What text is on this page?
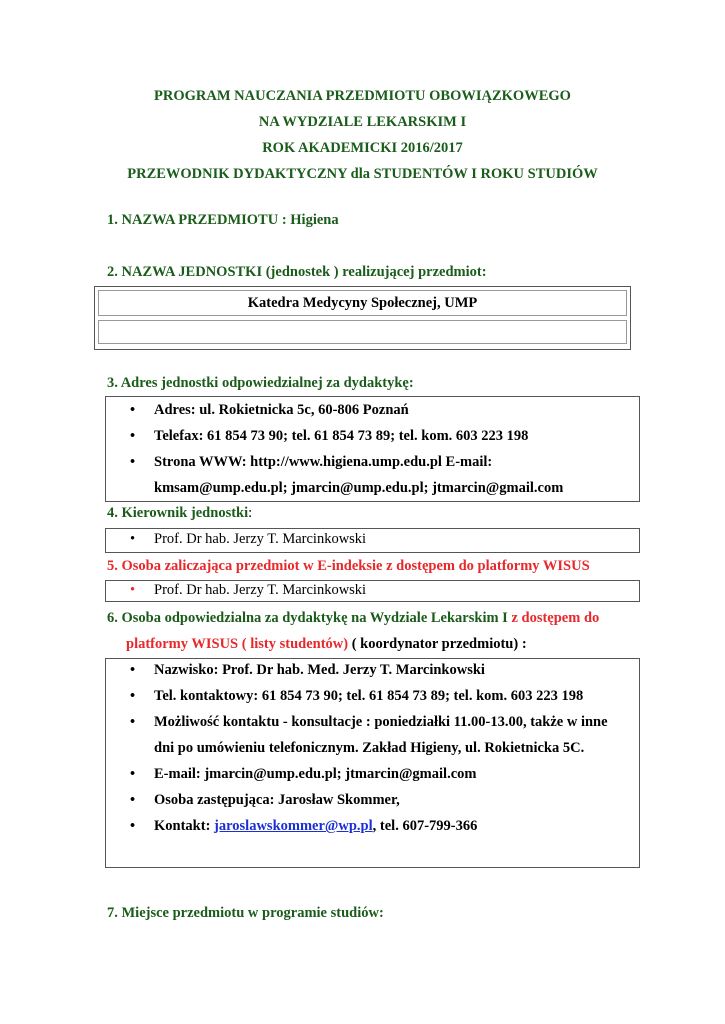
PROGRAM NAUCZANIA PRZEDMIOTU OBOWIĄZKOWEGO
NA WYDZIALE LEKARSKIM I
ROK AKADEMICKI 2016/2017
PRZEWODNIK DYDAKTYCZNY dla STUDENTÓW I ROKU STUDIÓW
1. NAZWA PRZEDMIOTU : Higiena
2. NAZWA JEDNOSTKI (jednostek ) realizującej przedmiot:
Katedra Medycyny Społecznej, UMP
3. Adres jednostki odpowiedzialnej za dydaktykę:
• Adres: ul. Rokietnicka 5c, 60-806 Poznań
• Telefax: 61 854 73 90; tel. 61 854 73 89; tel. kom. 603 223 198
• Strona WWW: http://www.higiena.ump.edu.pl E-mail:
kmsam@ump.edu.pl; jmarcin@ump.edu.pl; jtmarcin@gmail.com
4. Kierownik jednostki:
• Prof. Dr hab. Jerzy T. Marcinkowski
5. Osoba zaliczająca przedmiot w E-indeksie z dostępem do platformy WISUS
• Prof. Dr hab. Jerzy T. Marcinkowski
6. Osoba odpowiedzialna za dydaktykę na Wydziale Lekarskim I z dostępem do
platformy WISUS ( listy studentów) ( koordynator przedmiotu) :
• Nazwisko: Prof. Dr hab. Med. Jerzy T. Marcinkowski
• Tel. kontaktowy: 61 854 73 90; tel. 61 854 73 89; tel. kom. 603 223 198
• Możliwość kontaktu - konsultacje : poniedziałki 11.00-13.00, także w inne
dni po umówieniu telefonicznym. Zakład Higieny, ul. Rokietnicka 5C.
• E-mail: jmarcin@ump.edu.pl; jtmarcin@gmail.com
• Osoba zastępująca: Jarosław Skommer,
• Kontakt: jaroslawskommer@wp.pl, tel. 607-799-366
7. Miejsce przedmiotu w programie studiów:
